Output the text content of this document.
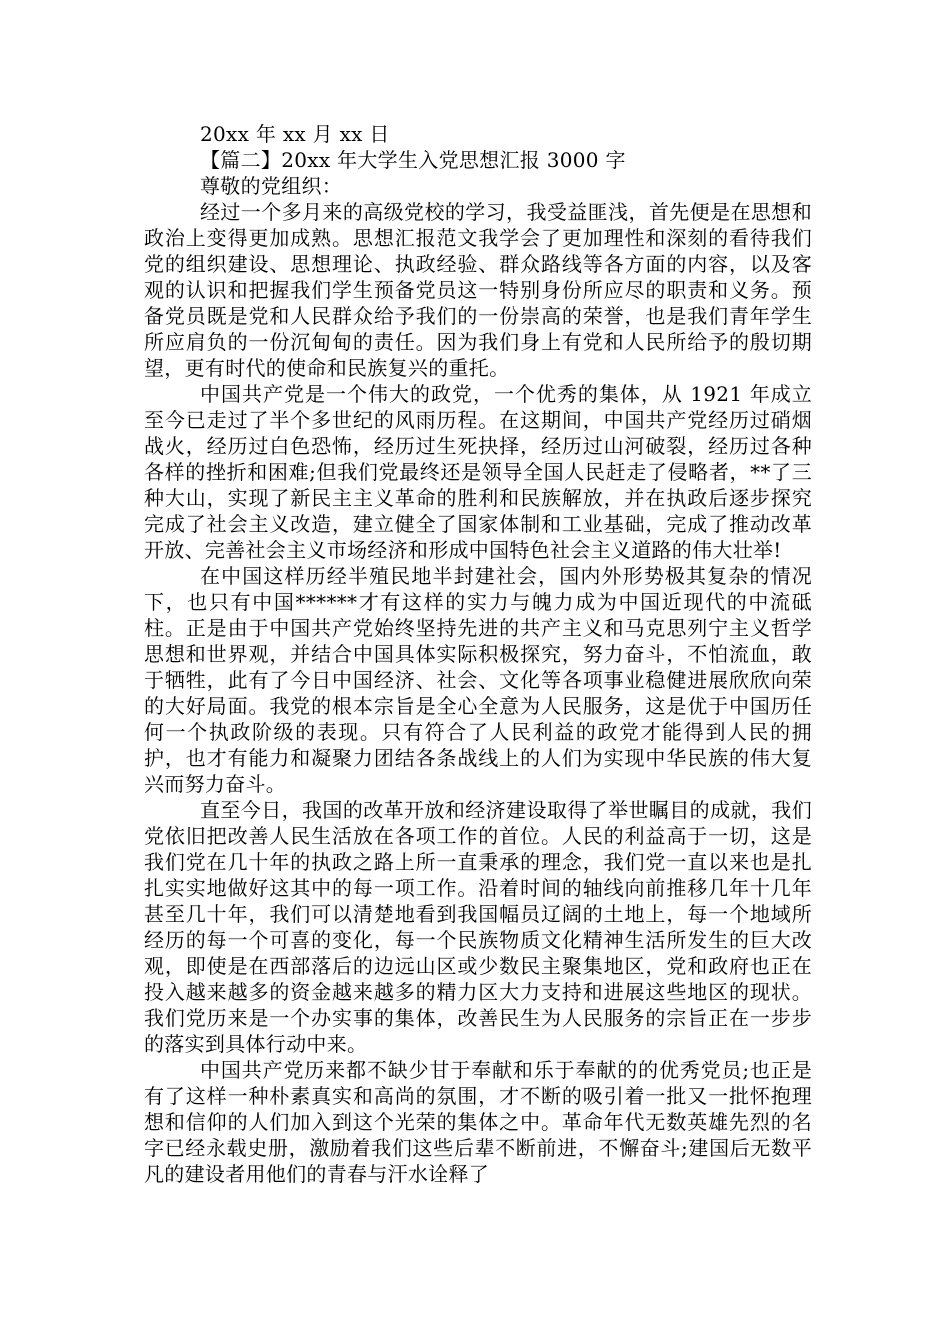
20xx 年 xx 月 xx 日

【篇二】20xx 年大学生入党思想汇报 3000 字

尊敬的党组织：

经过一个多月来的高级党校的学习，我受益匪浅，首先便是在思想和政治上变得更加成熟。思想汇报范文我学会了更加理性和深刻的看待我们党的组织建设、思想理论、执政经验、群众路线等各方面的内容，以及客观的认识和把握我们学生预备党员这一特别身份所应尽的职责和义务。预备党员既是党和人民群众给予我们的一份崇高的荣誉，也是我们青年学生所应肩负的一份沉甸甸的责任。因为我们身上有党和人民所给予的殷切期望，更有时代的使命和民族复兴的重托。

中国共产党是一个伟大的政党，一个优秀的集体，从 1921 年成立至今已走过了半个多世纪的风雨历程。在这期间，中国共产党经历过硝烟战火，经历过白色恐怖，经历过生死抉择，经历过山河破裂，经历过各种各样的挫折和困难;但我们党最终还是领导全国人民赶走了侵略者，**了三种大山，实现了新民主主义革命的胜利和民族解放，并在执政后逐步探究完成了社会主义改造，建立健全了国家体制和工业基础，完成了推动改革开放、完善社会主义市场经济和形成中国特色社会主义道路的伟大壮举!

在中国这样历经半殖民地半封建社会，国内外形势极其复杂的情况下，也只有中国******才有这样的实力与魄力成为中国近现代的中流砥柱。正是由于中国共产党始终坚持先进的共产主义和马克思列宁主义哲学思想和世界观，并结合中国具体实际积极探究，努力奋斗，不怕流血，敢于牺牲，此有了今日中国经济、社会、文化等各项事业稳健进展欣欣向荣的大好局面。我党的根本宗旨是全心全意为人民服务，这是优于中国历任何一个执政阶级的表现。只有符合了人民利益的政党才能得到人民的拥护，也才有能力和凝聚力团结各条战线上的人们为实现中华民族的伟大复兴而努力奋斗。

直至今日，我国的改革开放和经济建设取得了举世瞩目的成就，我们党依旧把改善人民生活放在各项工作的首位。人民的利益高于一切，这是我们党在几十年的执政之路上所一直秉承的理念，我们党一直以来也是扎扎实实地做好这其中的每一项工作。沿着时间的轴线向前推移几年十几年甚至几十年，我们可以清楚地看到我国幅员辽阔的土地上，每一个地域所经历的每一个可喜的变化，每一个民族物质文化精神生活所发生的巨大改观，即使是在西部落后的边远山区或少数民主聚集地区，党和政府也正在投入越来越多的资金越来越多的精力区大力支持和进展这些地区的现状。我们党历来是一个办实事的集体，改善民生为人民服务的宗旨正在一步步的落实到具体行动中来。

中国共产党历来都不缺少甘于奉献和乐于奉献的的优秀党员;也正是有了这样一种朴素真实和高尚的氛围，才不断的吸引着一批又一批怀抱理想和信仰的人们加入到这个光荣的集体之中。革命年代无数英雄先烈的名字已经永载史册，激励着我们这些后辈不断前进，不懈奋斗;建国后无数平凡的建设者用他们的青春与汗水诠释了
